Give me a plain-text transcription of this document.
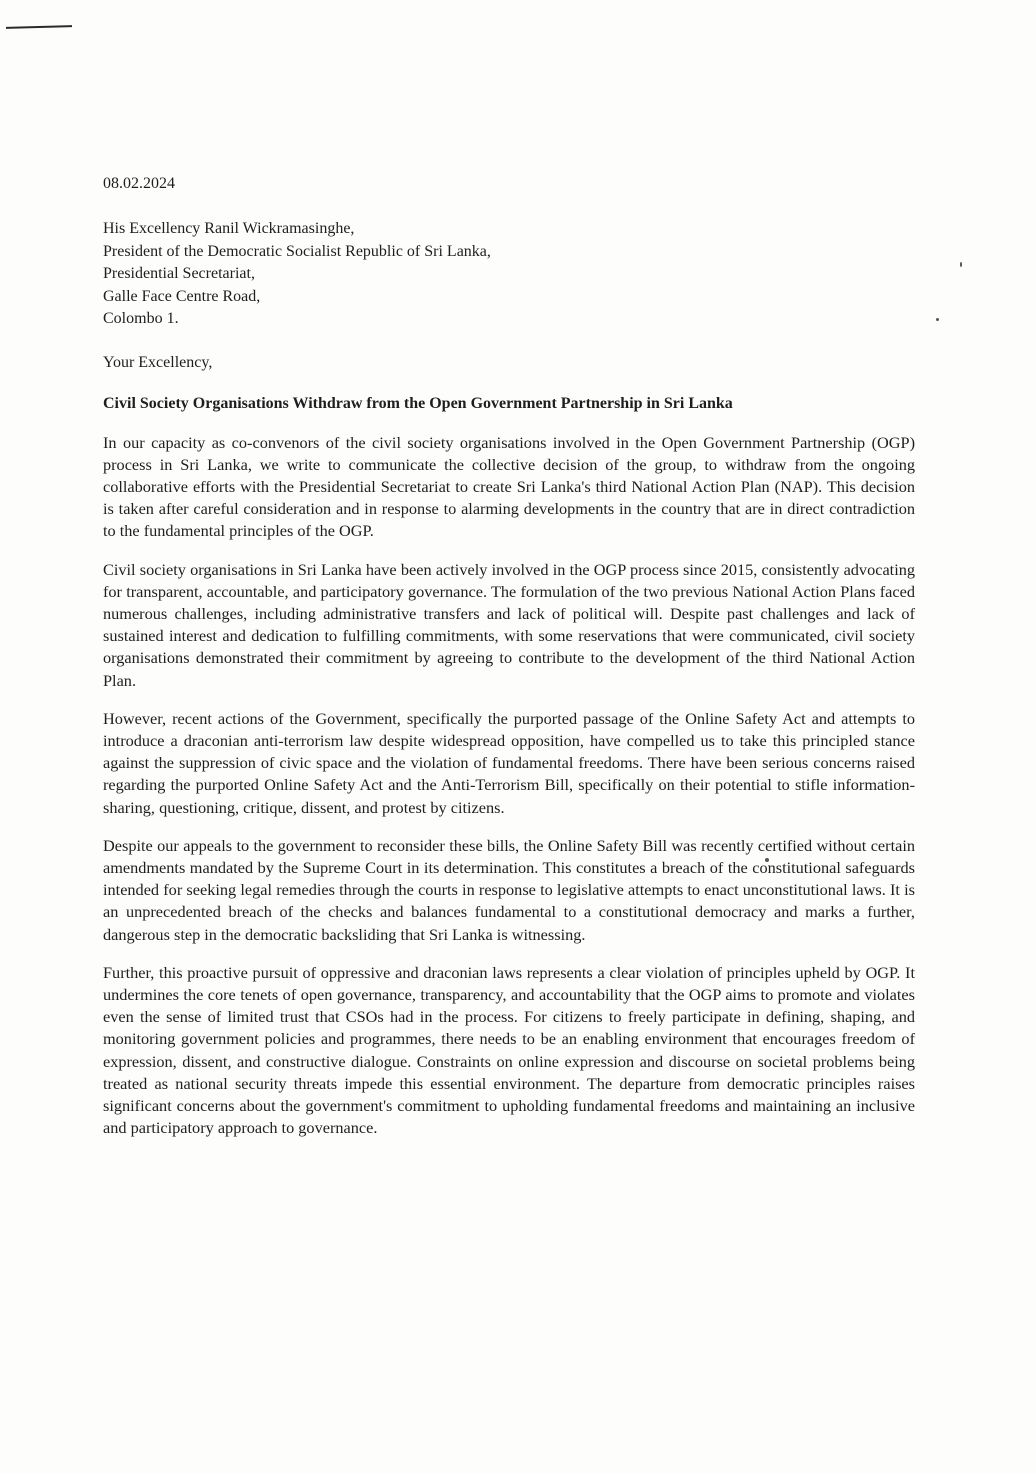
08.02.2024

His Excellency Ranil Wickramasinghe,

President of the Democratic Socialist Republic of Sri Lanka,

Presidential Secretariat,

Galle Face Centre Road,

Colombo 1.

Your Excellency,

Civil Society Organisations Withdraw from the Open Government Partnership in Sri Lanka

In our capacity as co-convenors of the civil society organisations involved in the Open Government Partnership (OGP) process in Sri Lanka, we write to communicate the collective decision of the group, to withdraw from the ongoing collaborative efforts with the Presidential Secretariat to create Sri Lanka's third National Action Plan (NAP). This decision is taken after careful consideration and in response to alarming developments in the country that are in direct contradiction to the fundamental principles of the OGP.

Civil society organisations in Sri Lanka have been actively involved in the OGP process since 2015, consistently advocating for transparent, accountable, and participatory governance. The formulation of the two previous National Action Plans faced numerous challenges, including administrative transfers and lack of political will. Despite past challenges and lack of sustained interest and dedication to fulfilling commitments, with some reservations that were communicated, civil society organisations demonstrated their commitment by agreeing to contribute to the development of the third National Action Plan.

However, recent actions of the Government, specifically the purported passage of the Online Safety Act and attempts to introduce a draconian anti-terrorism law despite widespread opposition, have compelled us to take this principled stance against the suppression of civic space and the violation of fundamental freedoms. There have been serious concerns raised regarding the purported Online Safety Act and the Anti-Terrorism Bill, specifically on their potential to stifle information-sharing, questioning, critique, dissent, and protest by citizens.

Despite our appeals to the government to reconsider these bills, the Online Safety Bill was recently certified without certain amendments mandated by the Supreme Court in its determination. This constitutes a breach of the constitutional safeguards intended for seeking legal remedies through the courts in response to legislative attempts to enact unconstitutional laws. It is an unprecedented breach of the checks and balances fundamental to a constitutional democracy and marks a further, dangerous step in the democratic backsliding that Sri Lanka is witnessing.

Further, this proactive pursuit of oppressive and draconian laws represents a clear violation of principles upheld by OGP. It undermines the core tenets of open governance, transparency, and accountability that the OGP aims to promote and violates even the sense of limited trust that CSOs had in the process. For citizens to freely participate in defining, shaping, and monitoring government policies and programmes, there needs to be an enabling environment that encourages freedom of expression, dissent, and constructive dialogue. Constraints on online expression and discourse on societal problems being treated as national security threats impede this essential environment. The departure from democratic principles raises significant concerns about the government's commitment to upholding fundamental freedoms and maintaining an inclusive and participatory approach to governance.
